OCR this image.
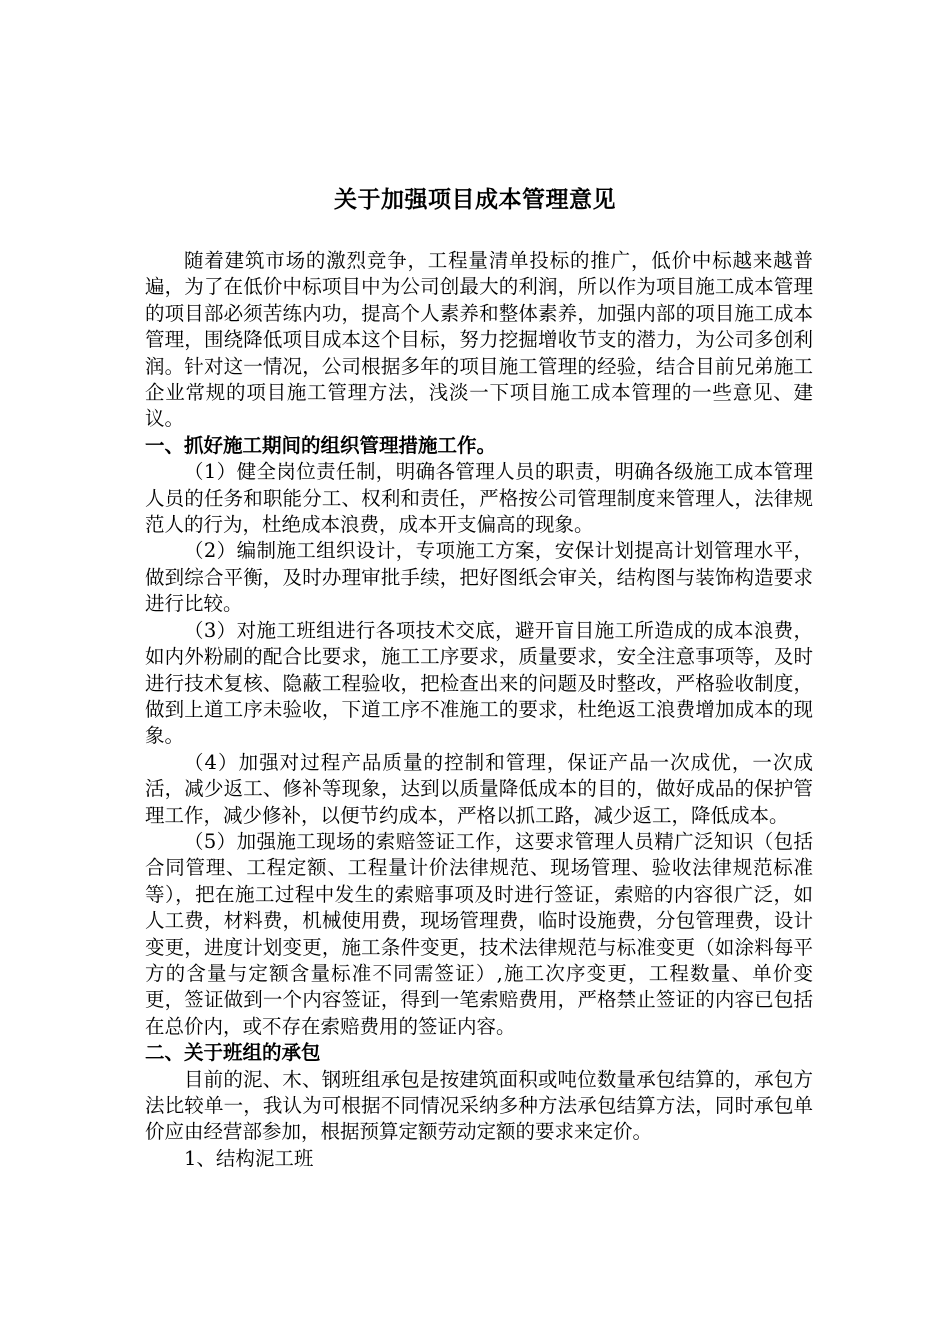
关于加强项目成本管理意见

随着建筑市场的激烈竞争，工程量清单投标的推广，低价中标越来越普遍，为了在低价中标项目中为公司创最大的利润，所以作为项目施工成本管理的项目部必须苦练内功，提高个人素养和整体素养，加强内部的项目施工成本管理，围绕降低项目成本这个目标，努力挖掘增收节支的潜力，为公司多创利润。针对这一情况，公司根据多年的项目施工管理的经验，结合目前兄弟施工企业常规的项目施工管理方法，浅淡一下项目施工成本管理的一些意见、建议。

一、抓好施工期间的组织管理措施工作。

（1）健全岗位责任制，明确各管理人员的职责，明确各级施工成本管理人员的任务和职能分工、权利和责任，严格按公司管理制度来管理人，法律规范人的行为，杜绝成本浪费，成本开支偏高的现象。

（2）编制施工组织设计，专项施工方案，安保计划提高计划管理水平，做到综合平衡，及时办理审批手续，把好图纸会审关，结构图与装饰构造要求进行比较。

（3）对施工班组进行各项技术交底，避开盲目施工所造成的成本浪费，如内外粉刷的配合比要求，施工工序要求，质量要求，安全注意事项等，及时进行技术复核、隐蔽工程验收，把检查出来的问题及时整改，严格验收制度，做到上道工序未验收，下道工序不准施工的要求，杜绝返工浪费增加成本的现象。

（4）加强对过程产品质量的控制和管理，保证产品一次成优，一次成活，减少返工、修补等现象，达到以质量降低成本的目的，做好成品的保护管理工作，减少修补，以便节约成本，严格以抓工路，减少返工，降低成本。

（5）加强施工现场的索赔签证工作，这要求管理人员精广泛知识（包括合同管理、工程定额、工程量计价法律规范、现场管理、验收法律规范标准等），把在施工过程中发生的索赔事项及时进行签证，索赔的内容很广泛，如人工费，材料费，机械使用费，现场管理费，临时设施费，分包管理费，设计变更，进度计划变更，施工条件变更，技术法律规范与标准变更（如涂料每平方的含量与定额含量标准不同需签证）,施工次序变更，工程数量、单价变更，签证做到一个内容签证，得到一笔索赔费用，严格禁止签证的内容已包括在总价内，或不存在索赔费用的签证内容。

二、关于班组的承包

目前的泥、木、钢班组承包是按建筑面积或吨位数量承包结算的，承包方法比较单一，我认为可根据不同情况采纳多种方法承包结算方法，同时承包单价应由经营部参加，根据预算定额劳动定额的要求来定价。

1、结构泥工班
